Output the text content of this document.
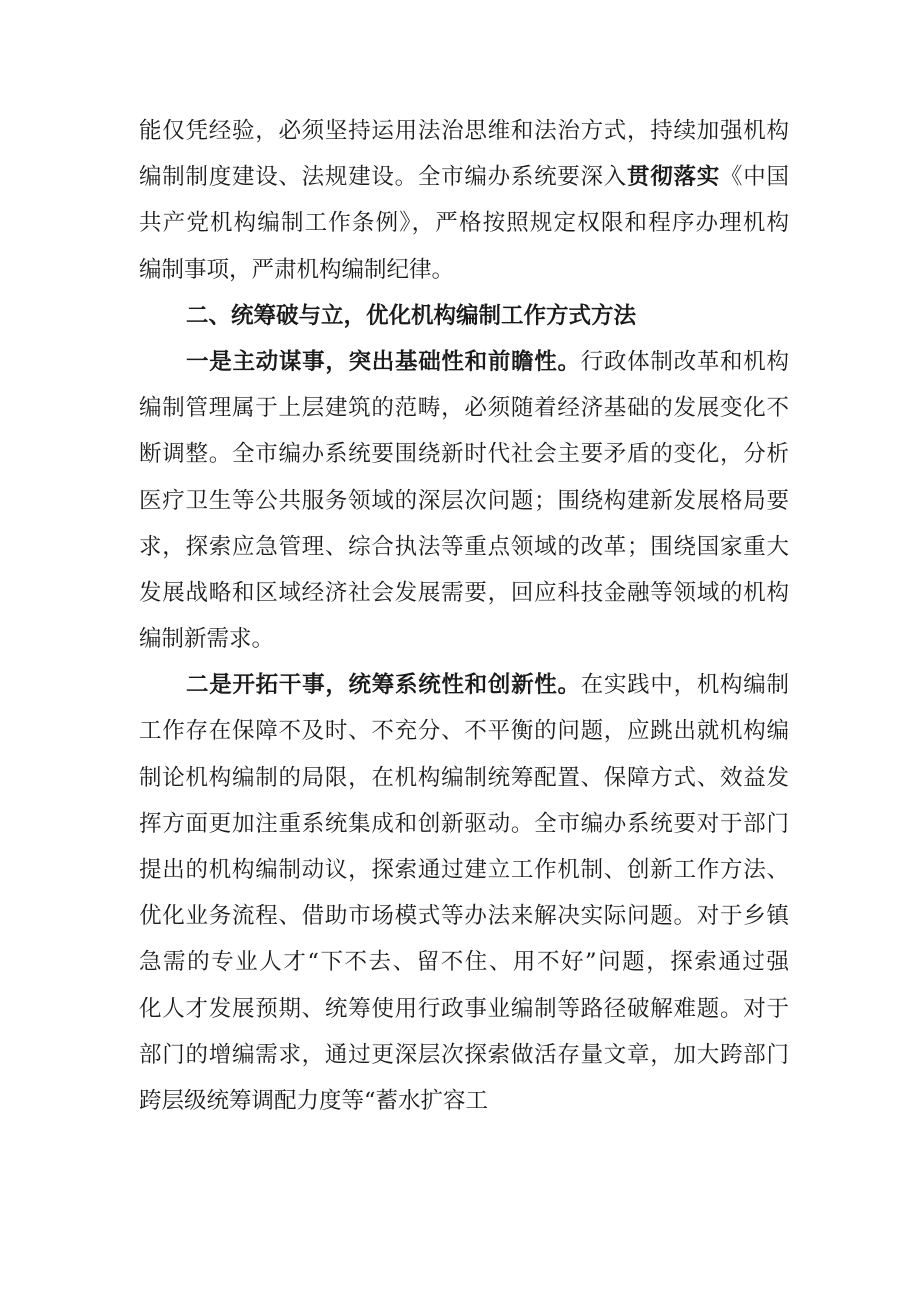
能仅凭经验，必须坚持运用法治思维和法治方式，持续加强机构
编制制度建设、法规建设。全市编办系统要深入贯彻落实《中国
共产党机构编制工作条例》，严格按照规定权限和程序办理机构
编制事项，严肃机构编制纪律。
二、统筹破与立，优化机构编制工作方式方法
一是主动谋事，突出基础性和前瞻性。行政体制改革和机构
编制管理属于上层建筑的范畴，必须随着经济基础的发展变化不
断调整。全市编办系统要围绕新时代社会主要矛盾的变化，分析
医疗卫生等公共服务领域的深层次问题；围绕构建新发展格局要
求，探索应急管理、综合执法等重点领域的改革；围绕国家重大
发展战略和区域经济社会发展需要，回应科技金融等领域的机构
编制新需求。
二是开拓干事，统筹系统性和创新性。在实践中，机构编制
工作存在保障不及时、不充分、不平衡的问题，应跳出就机构编
制论机构编制的局限，在机构编制统筹配置、保障方式、效益发
挥方面更加注重系统集成和创新驱动。全市编办系统要对于部门
提出的机构编制动议，探索通过建立工作机制、创新工作方法、
优化业务流程、借助市场模式等办法来解决实际问题。对于乡镇
急需的专业人才“下不去、留不住、用不好”问题，探索通过强
化人才发展预期、统筹使用行政事业编制等路径破解难题。对于
部门的增编需求，通过更深层次探索做活存量文章，加大跨部门
跨层级统筹调配力度等“蓄水扩容工
